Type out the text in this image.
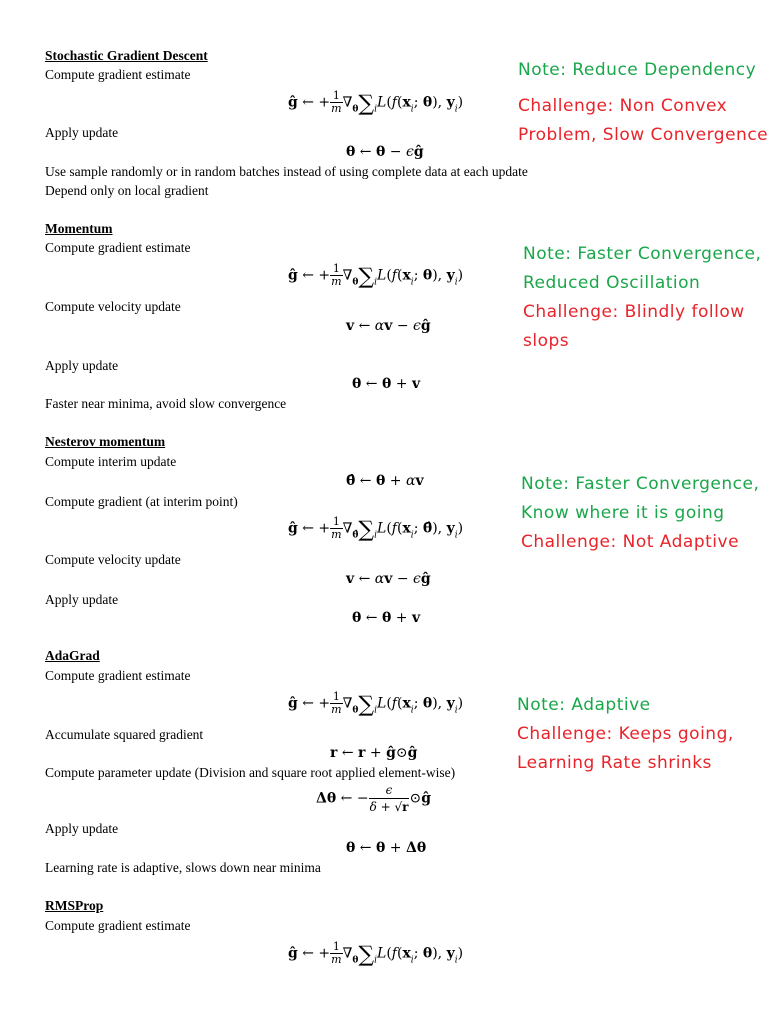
Stochastic Gradient Descent
Compute gradient estimate
ĝ ← + $\frac{1}{m} \nabla_\theta\sum_iL(f(x_i$; θ), $y_i$)
Apply update
θ ← θ − ϵĝ
Use sample randomly or in random batches instead of using complete data at each update
Depend only on local gradient
Note: Reduce Dependency
Challenge: Non Convex
Problem, Slow Convergence
Momentum
Compute gradient estimate
ĝ ← + $\frac{1}{m} \nabla_\theta\sum_iL(f(x_i$; θ), $y_i$)
Compute velocity update
v ← αv − ϵĝ
Apply update
θ ← θ + v
Faster near minima, avoid slow convergence
Note: Faster Convergence,
Reduced Oscillation
Challenge: Blindly follow
slops
Nesterov momentum
Compute interim update
θ̂ ← θ + αv
Compute gradient (at interim point)
ĝ ← + $\frac{1}{m} \nabla_{\thetâ}\sum_iL(f(x_i$; θ̂), $y_i$)
Compute velocity update
v ← αv − ϵĝ
Apply update
θ ← θ + v
Note: Faster Convergence,
Know where it is going
Challenge: Not Adaptive
AdaGrad
Compute gradient estimate
ĝ ← + $\frac{1}{m} \nabla_\theta\sum_iL(f(x_i$; θ), $y_i$)
Accumulate squared gradient
r ← r + ĝ⊙ĝ
Compute parameter update (Division and square root applied element-wise)
Δθ ← − $\frac{\epsilon}{\delta + √r}$ ⊙ĝ
Apply update
θ ← θ + Δθ
Learning rate is adaptive, slows down near minima
Note: Adaptive
Challenge: Keeps going,
Learning Rate shrinks
RMSProp
Compute gradient estimate
ĝ ← + $\frac{1}{m} \nabla_\theta\sum_iL(f(x_i$; θ), $y_i$)
